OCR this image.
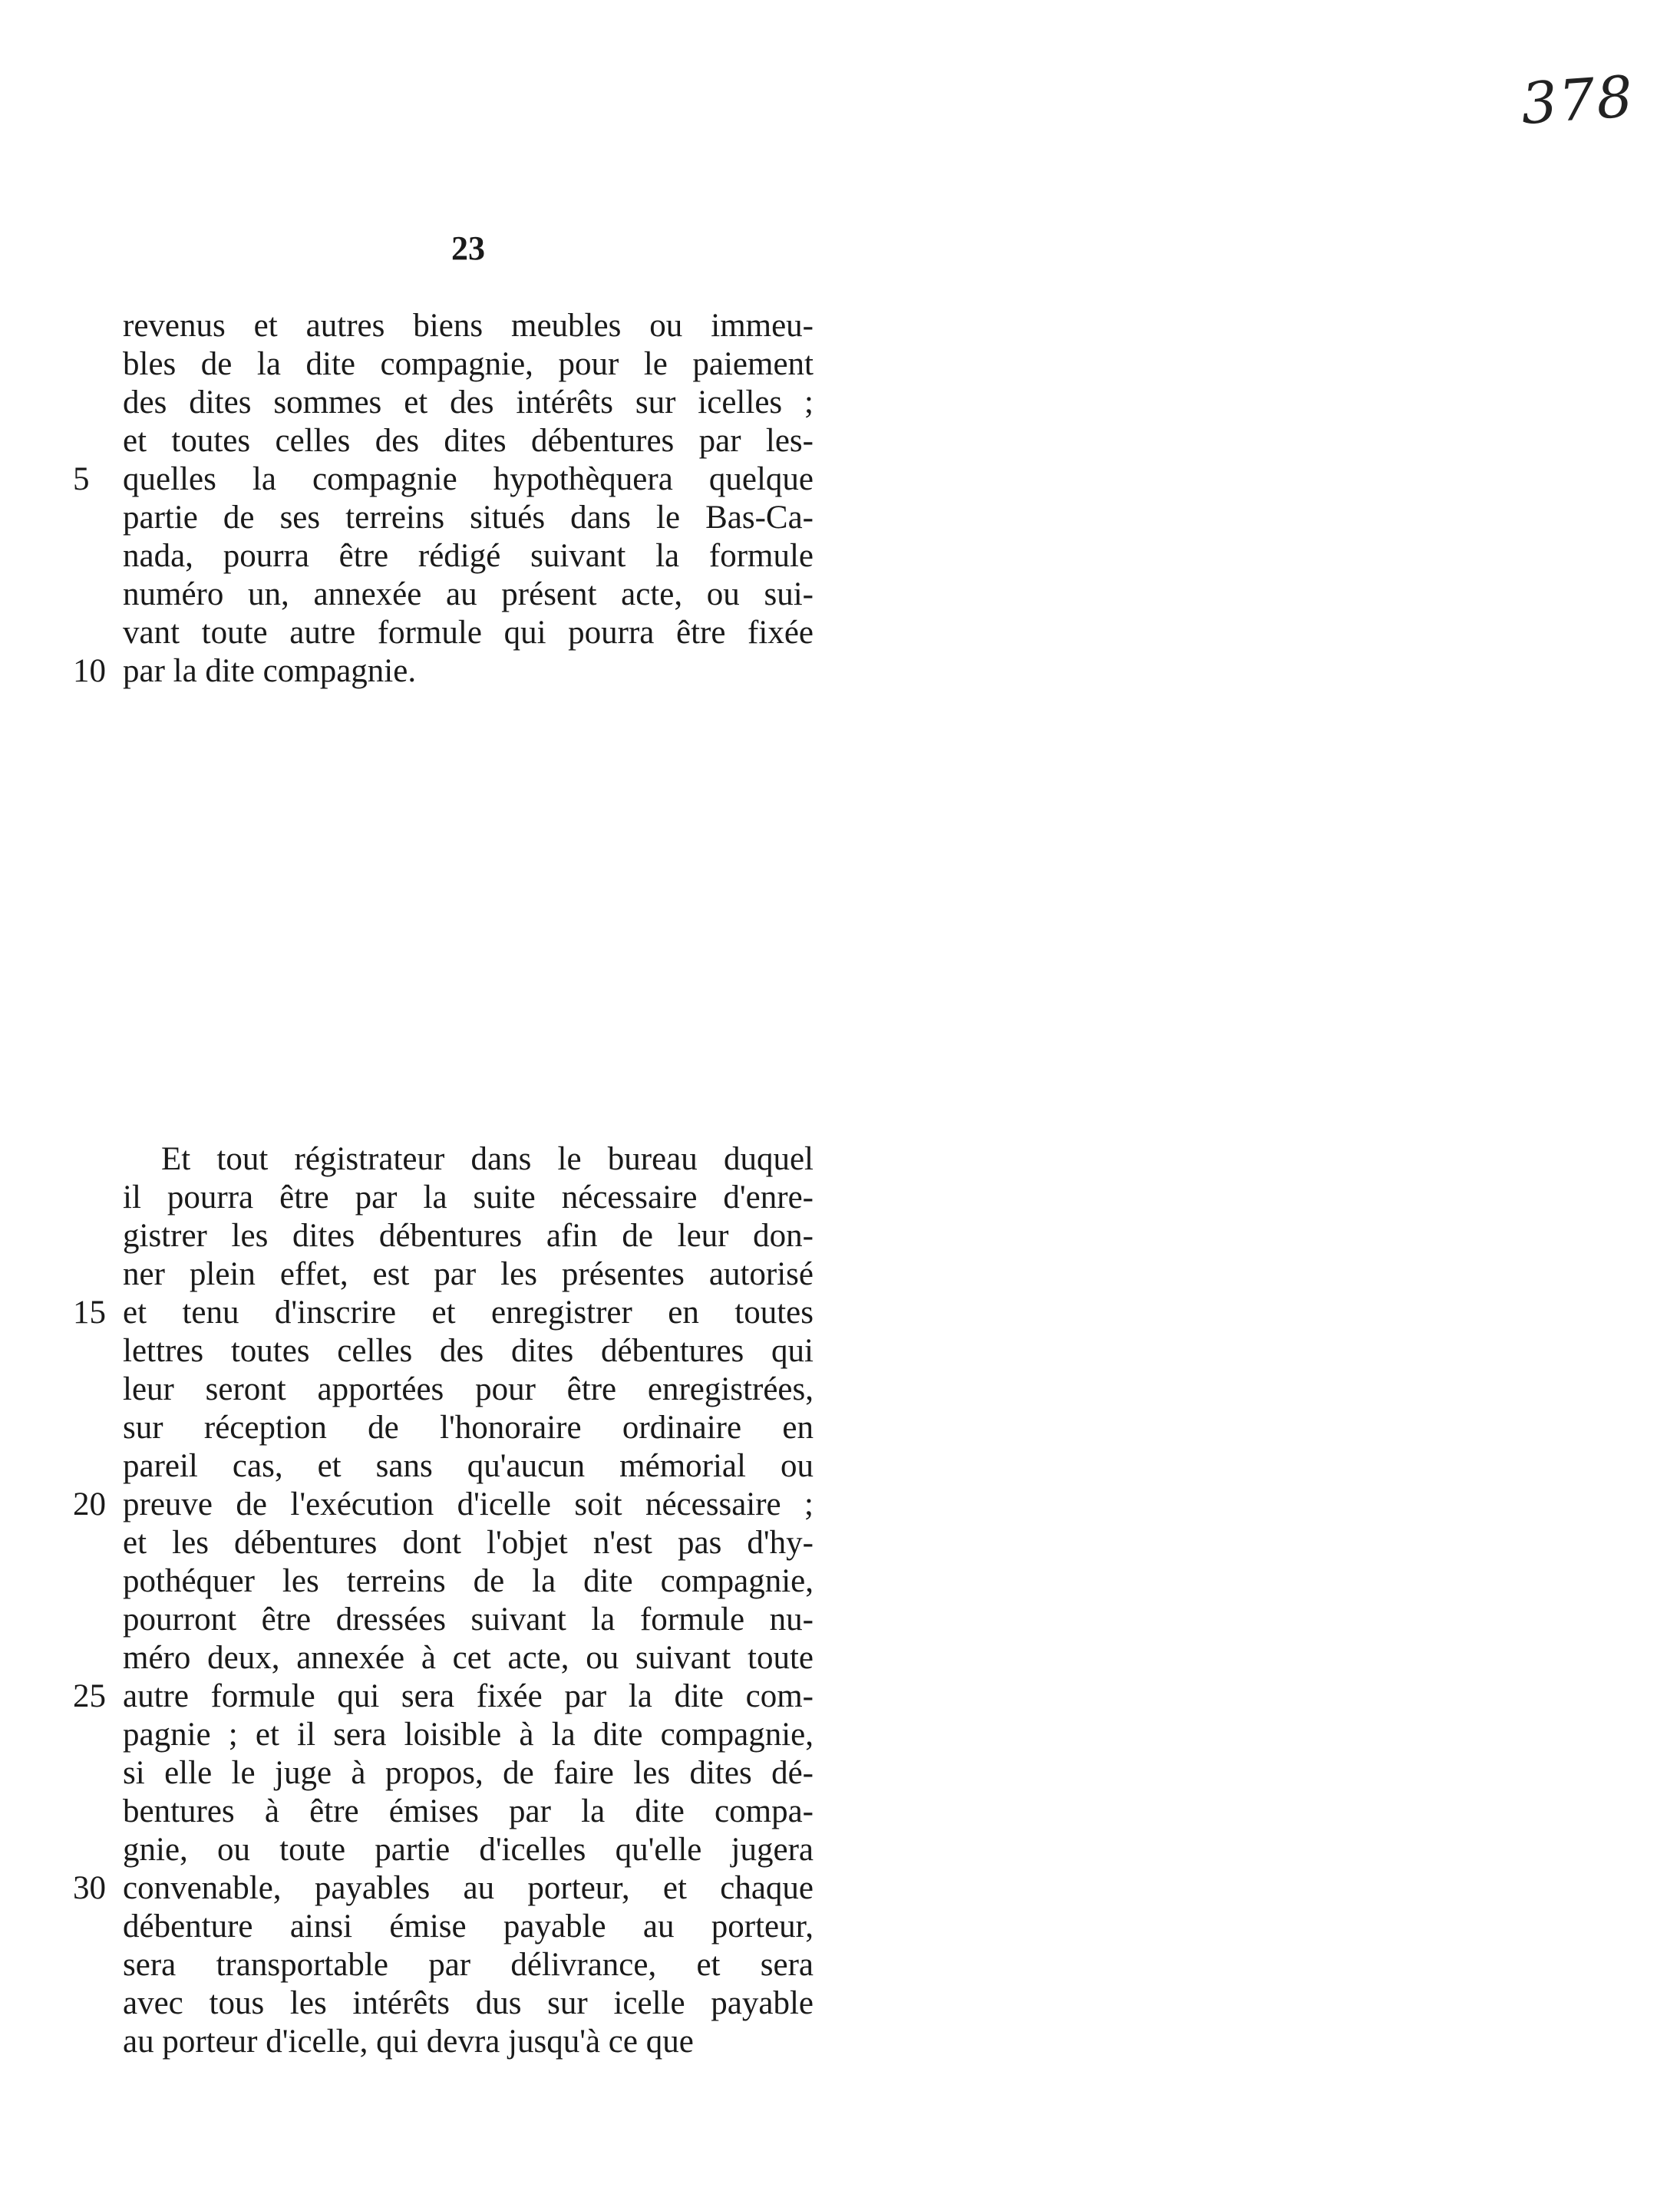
378
23
revenus et autres biens meubles ou immeu-
bles de la dite compagnie, pour le paiement
des dites sommes et des intérêts sur icelles ;
et toutes celles des dites débentures par les-
5	quelles la compagnie hypothèquera quelque
partie de ses terreins situés dans le Bas-Ca-
nada, pourra être rédigé suivant la formule
numéro un, annexée au présent acte, ou sui-
vant toute autre formule qui pourra être fixée
10 par la dite compagnie.
Et tout régistrateur dans le bureau duquel
il pourra être par la suite nécessaire d'enre-
gistrer les dites débentures afin de leur don-
ner plein effet, est par les présentes autorisé
15 et tenu d'inscrire et enregistrer en toutes
lettres toutes celles des dites débentures qui
leur seront apportées pour être enregistrées,
sur réception de l'honoraire ordinaire en
pareil cas, et sans qu'aucun mémorial ou
20 preuve de l'exécution d'icelle soit nécessaire ;
et les débentures dont l'objet n'est pas d'hy-
pothéquer les terreins de la dite compagnie,
pourront être dressées suivant la formule nu-
méro deux, annexée à cet acte, ou suivant toute
25 autre formule qui sera fixée par la dite com-
pagnie ; et il sera loisible à la dite compagnie,
si elle le juge à propos, de faire les dites dé-
bentures à être émises par la dite compa-
gnie, ou toute partie d'icelles qu'elle jugera
30 convenable, payables au porteur, et chaque
débenture ainsi émise payable au porteur,
sera transportable par délivrance, et sera
avec tous les intérêts dus sur icelle payable
au porteur d'icelle, qui devra jusqu'à ce que
